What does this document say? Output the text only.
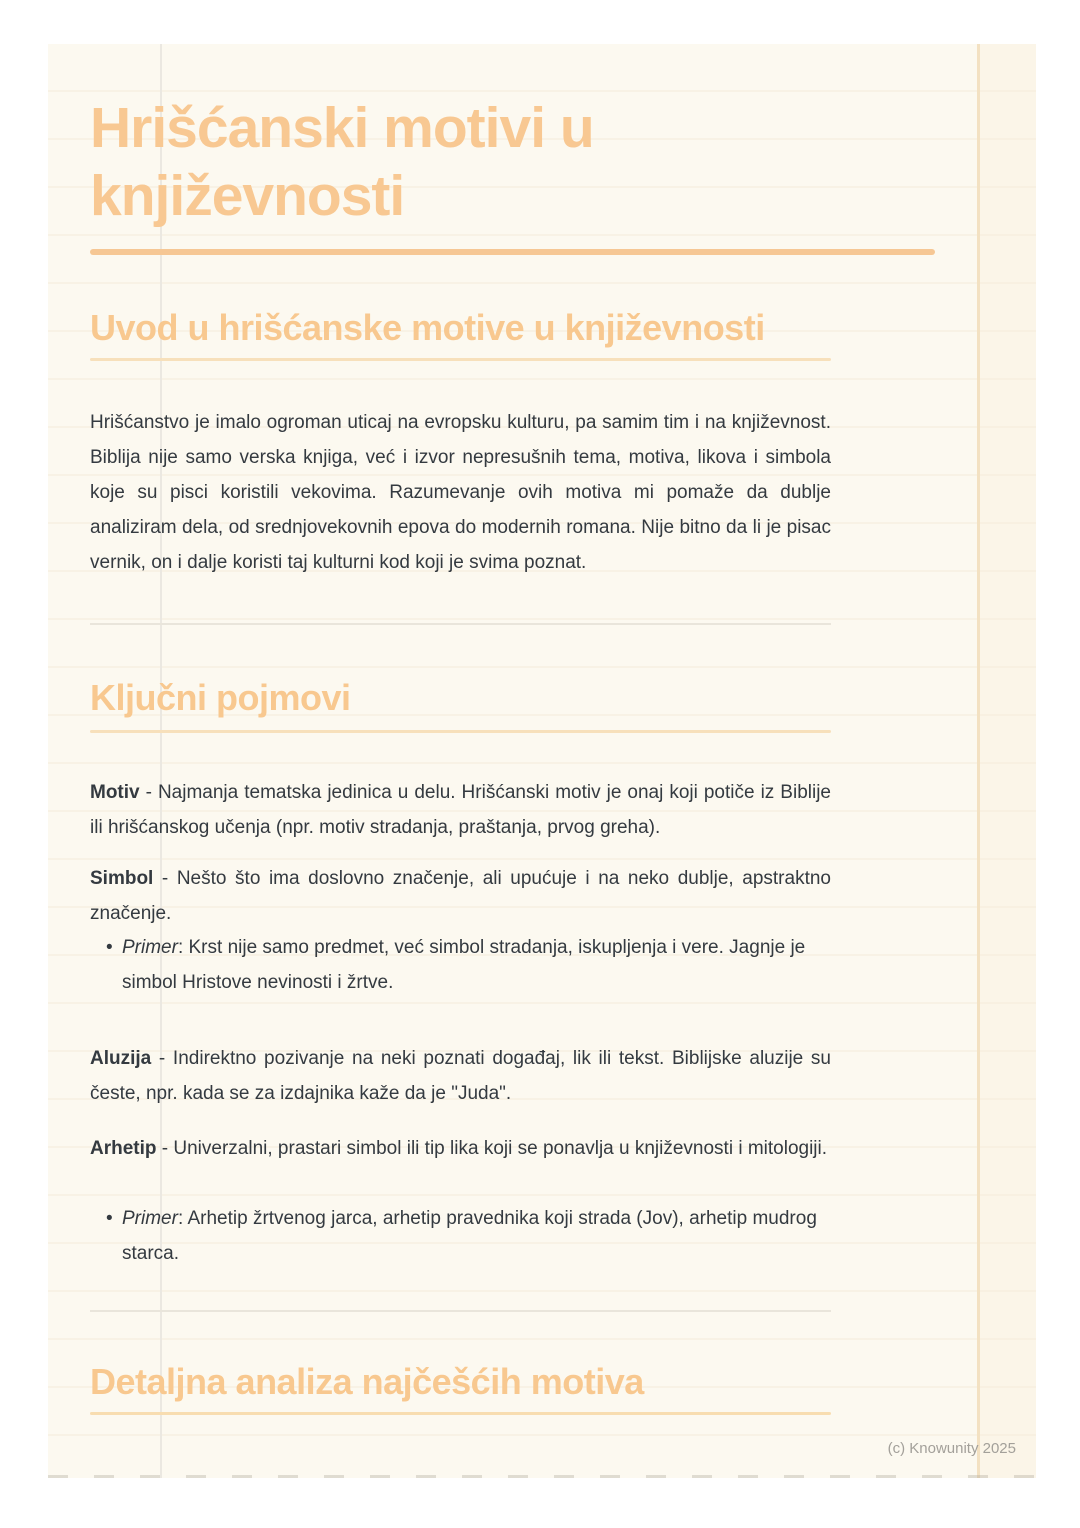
Hrišćanski motivi u književnosti
Uvod u hrišćanske motive u književnosti

Hrišćanstvo je imalo ogroman uticaj na evropsku kulturu, pa samim tim i na književnost. Biblija nije samo verska knjiga, već i izvor nepresušnih tema, motiva, likova i simbola koje su pisci koristili vekovima. Razumevanje ovih motiva mi pomaže da dublje analiziram dela, od srednjovekovnih epova do modernih romana. Nije bitno da li je pisac vernik, on i dalje koristi taj kulturni kod koji je svima poznat.

Ključni pojmovi

Motiv - Najmanja tematska jedinica u delu. Hrišćanski motiv je onaj koji potiče iz Biblije ili hrišćanskog učenja (npr. motiv stradanja, praštanja, prvog greha).

Simbol - Nešto što ima doslovno značenje, ali upućuje i na neko dublje, apstraktno značenje.

• Primer: Krst nije samo predmet, već simbol stradanja, iskupljenja i vere. Jagnje je simbol Hristove nevinosti i žrtve.

Aluzija - Indirektno pozivanje na neki poznati događaj, lik ili tekst. Biblijske aluzije su česte, npr. kada se za izdajnika kaže da je "Juda".

Arhetip - Univerzalni, prastari simbol ili tip lika koji se ponavlja u književnosti i mitologiji.

• Primer: Arhetip žrtvenog jarca, arhetip pravednika koji strada (Jov), arhetip mudrog starca.
Detaljna analiza najčešćih motiva
(c) Knowunity 2025
